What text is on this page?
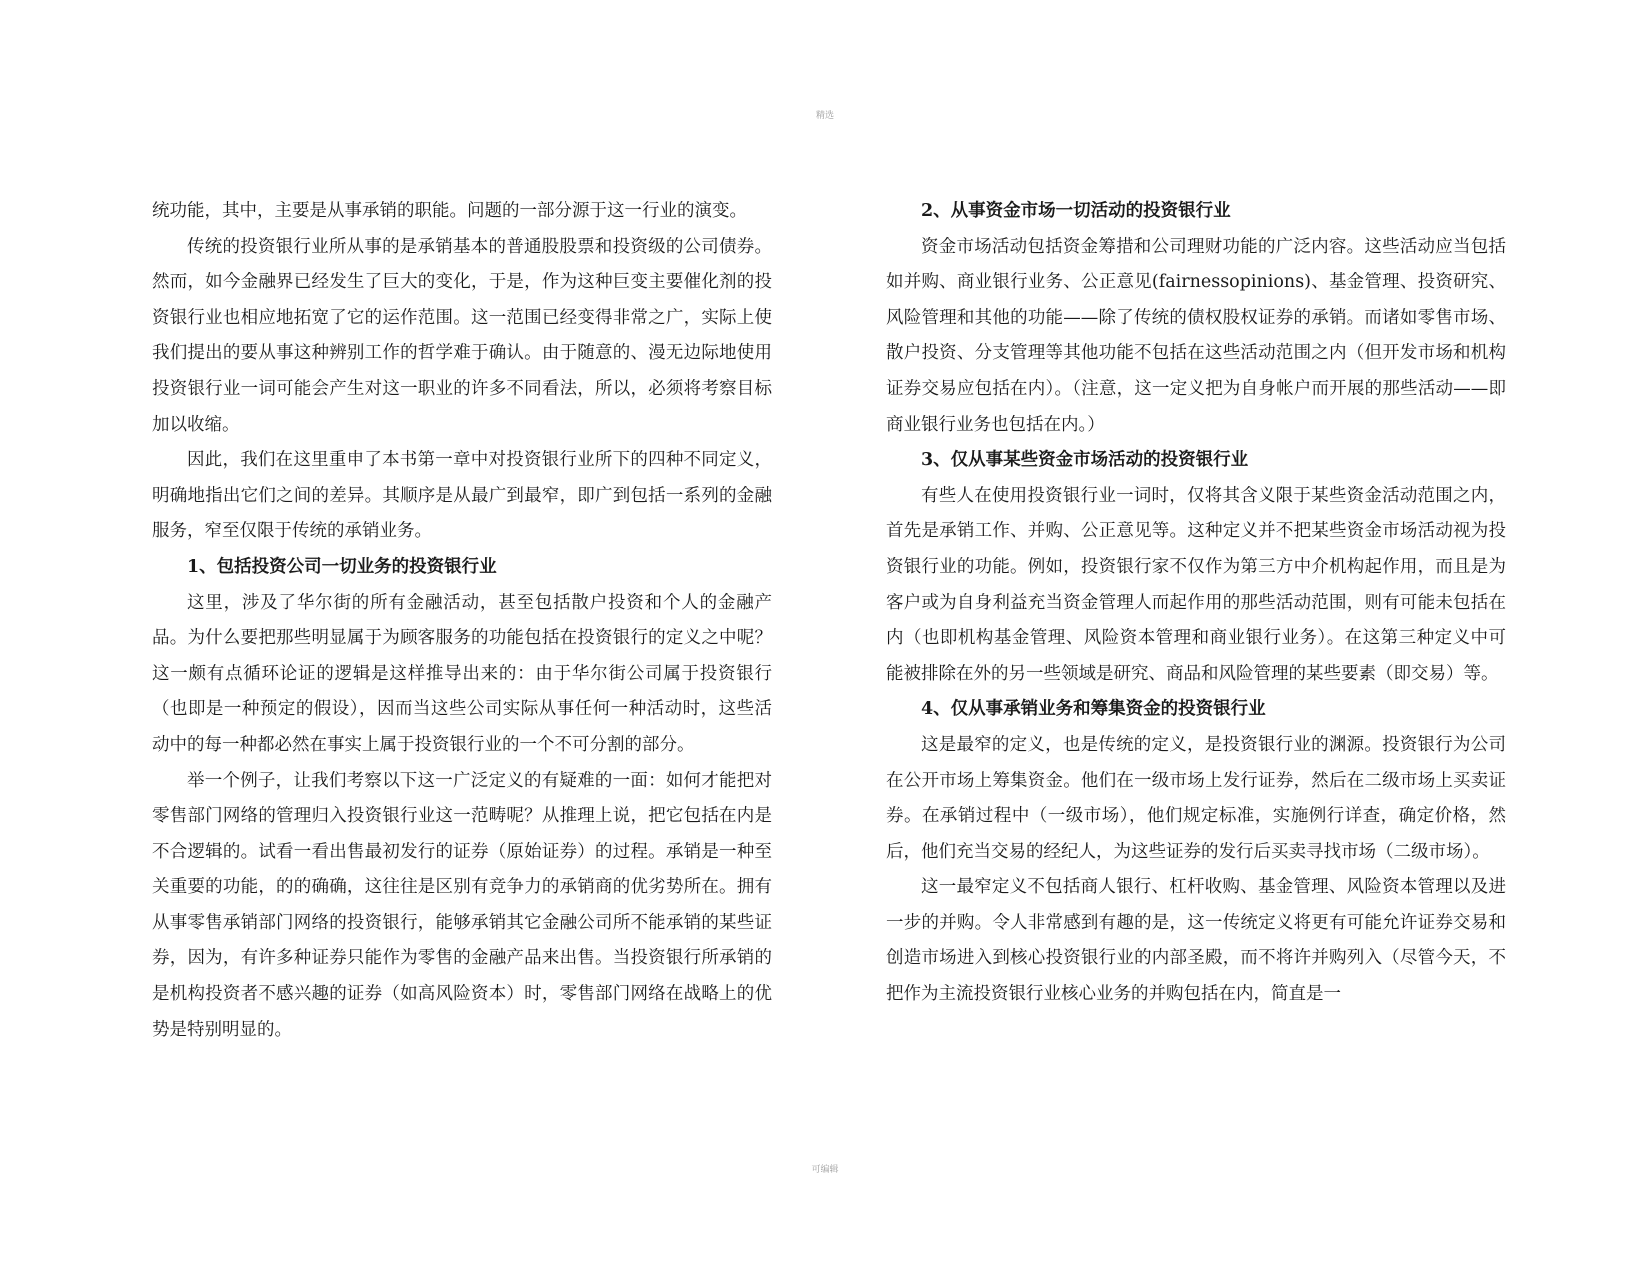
精选

统功能，其中，主要是从事承销的职能。问题的一部分源于这一行业的演变。

传统的投资银行业所从事的是承销基本的普通股股票和投资级的公司债券。然而，如今金融界已经发生了巨大的变化，于是，作为这种巨变主要催化剂的投资银行业也相应地拓宽了它的运作范围。这一范围已经变得非常之广，实际上使我们提出的要从事这种辨别工作的哲学难于确认。由于随意的、漫无边际地使用投资银行业一词可能会产生对这一职业的许多不同看法，所以，必须将考察目标加以收缩。

因此，我们在这里重申了本书第一章中对投资银行业所下的四种不同定义，明确地指出它们之间的差异。其顺序是从最广到最窄，即广到包括一系列的金融服务，窄至仅限于传统的承销业务。

1、包括投资公司一切业务的投资银行业

这里，涉及了华尔街的所有金融活动，甚至包括散户投资和个人的金融产品。为什么要把那些明显属于为顾客服务的功能包括在投资银行的定义之中呢？这一颇有点循环论证的逻辑是这样推导出来的：由于华尔街公司属于投资银行（也即是一种预定的假设），因而当这些公司实际从事任何一种活动时，这些活动中的每一种都必然在事实上属于投资银行业的一个不可分割的部分。

举一个例子，让我们考察以下这一广泛定义的有疑难的一面：如何才能把对零售部门网络的管理归入投资银行业这一范畴呢？从推理上说，把它包括在内是不合逻辑的。试看一看出售最初发行的证券（原始证券）的过程。承销是一种至关重要的功能，的的确确，这往往是区别有竞争力的承销商的优劣势所在。拥有从事零售承销部门网络的投资银行，能够承销其它金融公司所不能承销的某些证券，因为，有许多种证券只能作为零售的金融产品来出售。当投资银行所承销的是机构投资者不感兴趣的证券（如高风险资本）时，零售部门网络在战略上的优势是特别明显的。

2、从事资金市场一切活动的投资银行业

资金市场活动包括资金筹措和公司理财功能的广泛内容。这些活动应当包括如并购、商业银行业务、公正意见(fairnessopinions)、基金管理、投资研究、风险管理和其他的功能——除了传统的债权股权证券的承销。而诸如零售市场、散户投资、分支管理等其他功能不包括在这些活动范围之内（但开发市场和机构证券交易应包括在内）。（注意，这一定义把为自身帐户而开展的那些活动——即商业银行业务也包括在内。）

3、仅从事某些资金市场活动的投资银行业

有些人在使用投资银行业一词时，仅将其含义限于某些资金活动范围之内，首先是承销工作、并购、公正意见等。这种定义并不把某些资金市场活动视为投资银行业的功能。例如，投资银行家不仅作为第三方中介机构起作用，而且是为客户或为自身利益充当资金管理人而起作用的那些活动范围，则有可能未包括在内（也即机构基金管理、风险资本管理和商业银行业务）。在这第三种定义中可能被排除在外的另一些领域是研究、商品和风险管理的某些要素（即交易）等。

4、仅从事承销业务和筹集资金的投资银行业

这是最窄的定义，也是传统的定义，是投资银行业的渊源。投资银行为公司在公开市场上筹集资金。他们在一级市场上发行证券，然后在二级市场上买卖证券。在承销过程中（一级市场），他们规定标准，实施例行详查，确定价格，然后，他们充当交易的经纪人，为这些证券的发行后买卖寻找市场（二级市场）。

这一最窄定义不包括商人银行、杠杆收购、基金管理、风险资本管理以及进一步的并购。令人非常感到有趣的是，这一传统定义将更有可能允许证券交易和创造市场进入到核心投资银行业的内部圣殿，而不将许并购列入（尽管今天，不把作为主流投资银行业核心业务的并购包括在内，简直是一

可编辑
